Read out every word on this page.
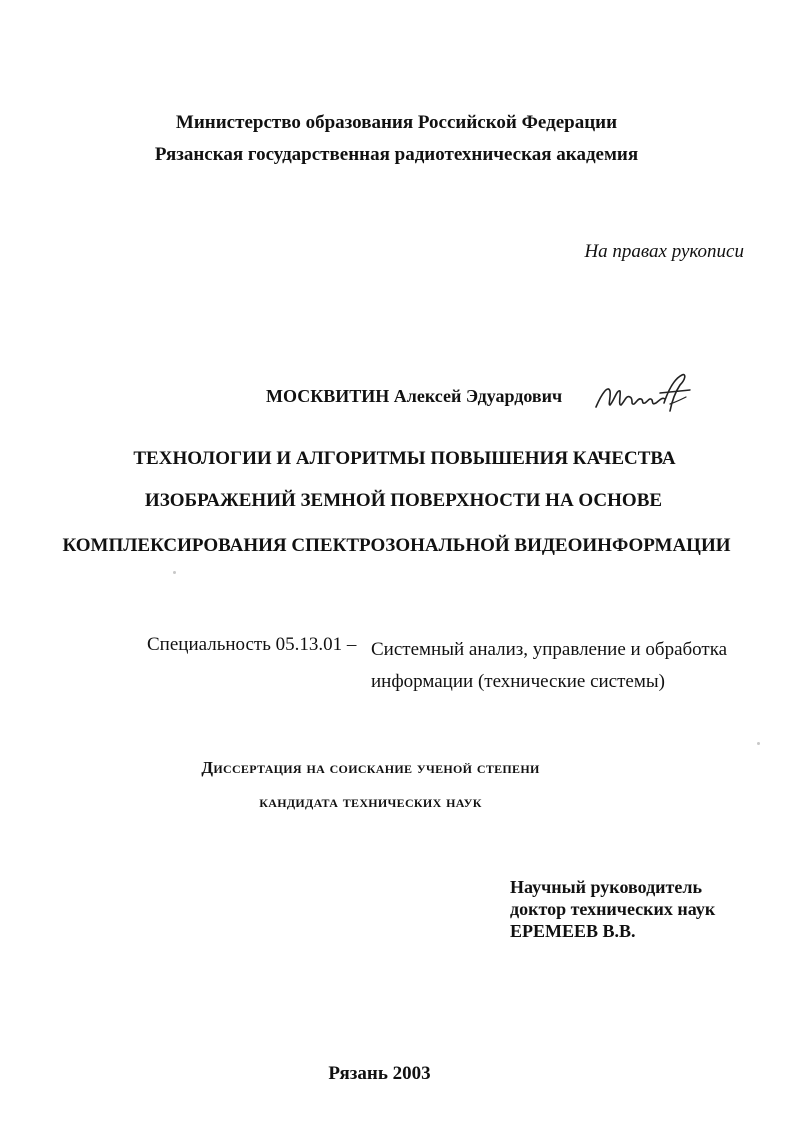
Министерство образования Российской Федерации
Рязанская государственная радиотехническая академия
На правах рукописи
МОСКВИТИН Алексей Эдуардович
ТЕХНОЛОГИИ И АЛГОРИТМЫ ПОВЫШЕНИЯ КАЧЕСТВА
ИЗОБРАЖЕНИЙ ЗЕМНОЙ ПОВЕРХНОСТИ НА ОСНОВЕ
КОМПЛЕКСИРОВАНИЯ СПЕКТРОЗОНАЛЬНОЙ ВИДЕОИНФОРМАЦИИ
Специальность 05.13.01 – Системный анализ, управление и обработка информации (технические системы)
Диссертация на соискание ученой степени
кандидата технических наук
Научный руководитель
доктор технических наук
ЕРЕМЕЕВ В.В.
Рязань 2003
